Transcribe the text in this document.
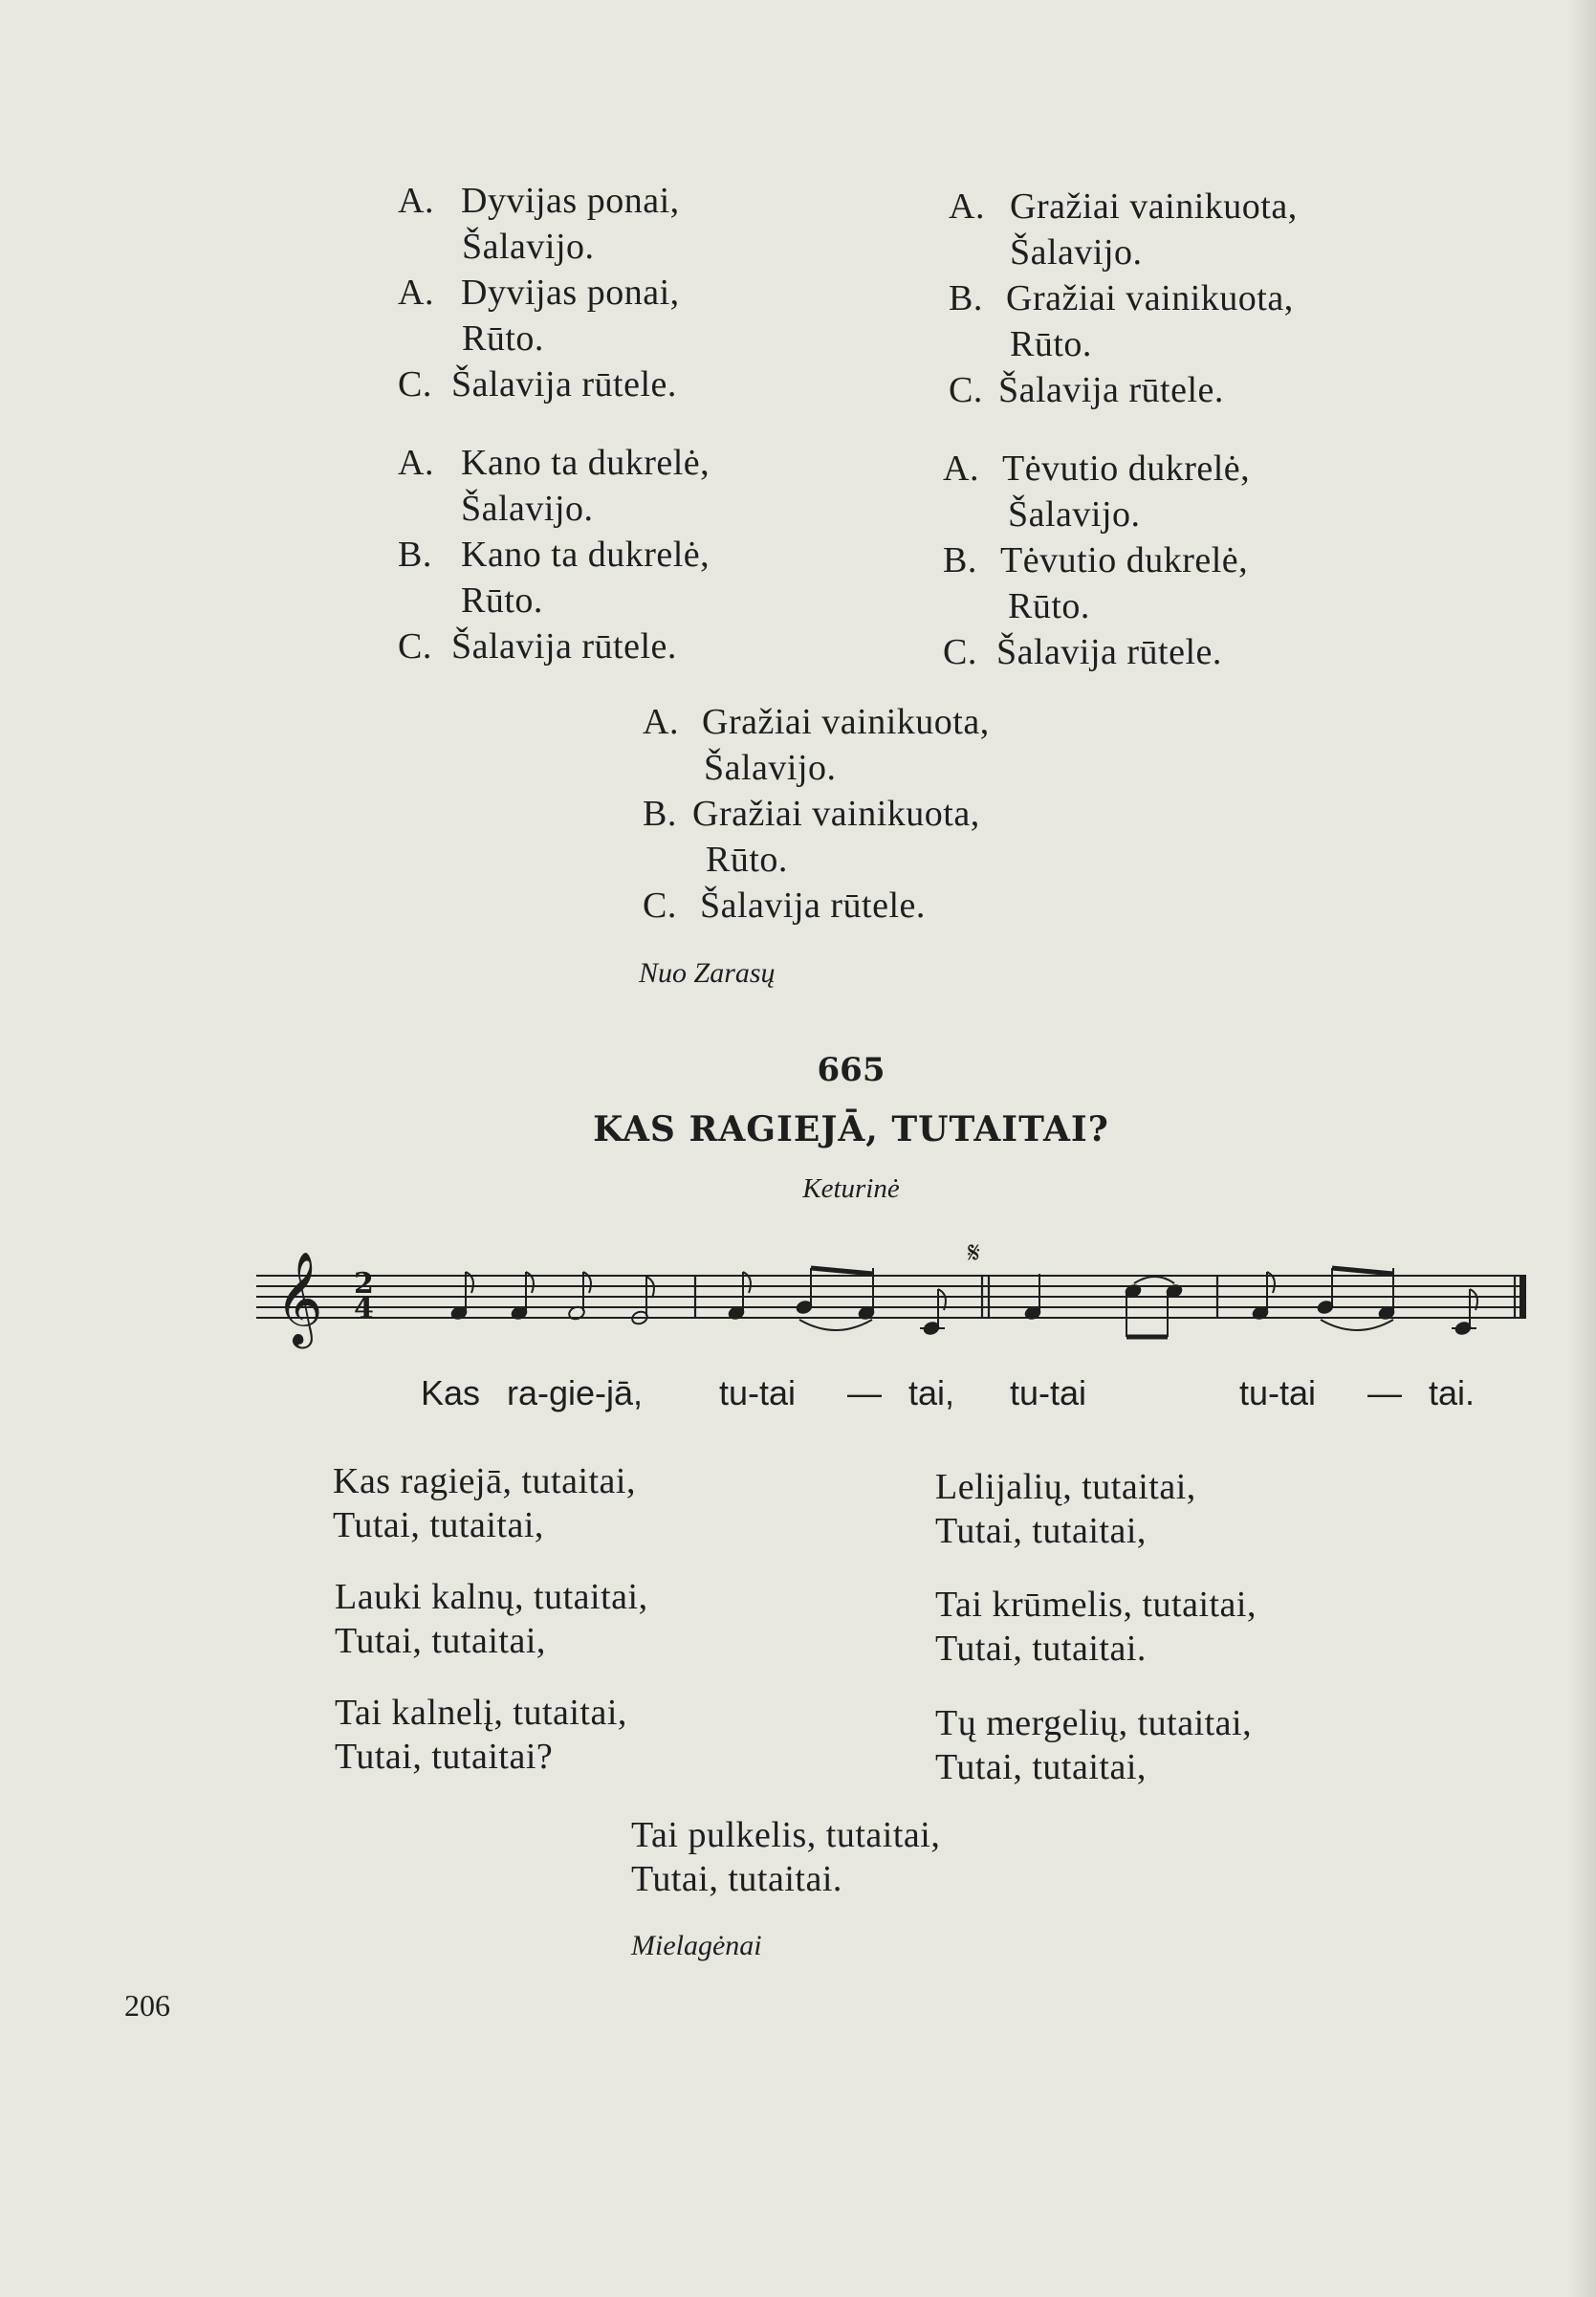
A. Dyvijas ponai,
Šalavijo.
A. Dyvijas ponai,
Rūto.
C. Šalavija rūtele.
A. Gražiai vainikuota,
Šalavijo.
B. Gražiai vainikuota,
Rūto.
C. Šalavija rūtele.
A. Kano ta dukrelė,
Šalavijo.
B. Kano ta dukrelė,
Rūto.
C. Šalavija rūtele.
A. Tėvutio dukrelė,
Šalavijo.
B. Tėvutio dukrelė,
Rūto.
C. Šalavija rūtele.
A. Gražiai vainikuota,
Šalavijo.
B. Gražiai vainikuota,
Rūto.
C. Šalavija rūtele.
Nuo Zarasų
665
KAS RAGIEJĀ, TUTAITAI?
Keturinė
𝄞 2
4
𝄋
Kas ra-gie-jā, tu-tai — tai, tu-tai	tu-tai — tai.
Kas ragiejā, tutaitai,
Tutai, tutaitai,
Lauki kalnų, tutaitai,
Tutai, tutaitai,
Tai kalnelį, tutaitai,
Tutai, tutaitai?
Lelijalių, tutaitai,
Tutai, tutaitai,
Tai krūmelis, tutaitai,
Tutai, tutaitai.
Tų mergelių, tutaitai,
Tutai, tutaitai,
Tai pulkelis, tutaitai,
Tutai, tutaitai.
Mielagėnai
206
